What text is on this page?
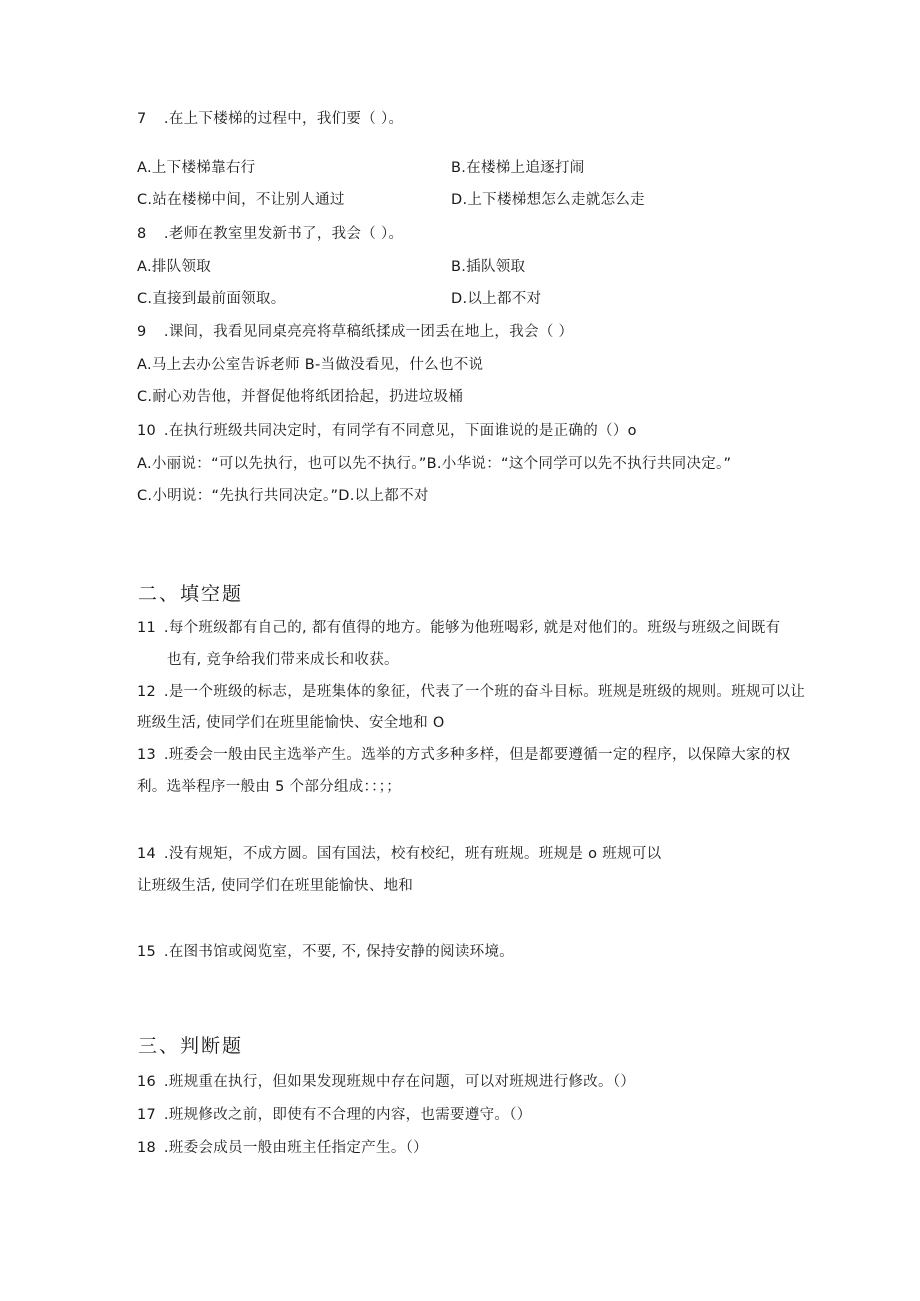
7 .在上下楼梯的过程中，我们要（ ）。
A.上下楼梯靠右行	B.在楼梯上追逐打闹
C.站在楼梯中间，不让别人通过	D.上下楼梯想怎么走就怎么走
8 .老师在教室里发新书了，我会（ ）。
A.排队领取	B.插队领取
C.直接到最前面领取。	D.以上都不对
9 .课间，我看见同桌亮亮将草稿纸揉成一团丢在地上，我会（ ）
A.马上去办公室告诉老师 B-当做没看见，什么也不说
C.耐心劝告他，并督促他将纸团拾起，扔进垃圾桶
10 .在执行班级共同决定时，有同学有不同意见，下面谁说的是正确的（）o
A.小丽说：“可以先执行，也可以先不执行。”B.小华说：“这个同学可以先不执行共同决定。”
C.小明说：“先执行共同决定。”D.以上都不对
二、填空题
11 .每个班级都有自己的, 都有值得的地方。能够为他班喝彩, 就是对他们的。班级与班级之间既有
也有, 竞争给我们带来成长和收获。
12 .是一个班级的标志，是班集体的象征，代表了一个班的奋斗目标。班规是班级的规则。班规可以让
班级生活, 使同学们在班里能愉快、安全地和 O
13 .班委会一般由民主选举产生。选举的方式多种多样，但是都要遵循一定的程序，以保障大家的权
利。选举程序一般由 5 个部分组成：：；；
14 .没有规矩，不成方圆。国有国法，校有校纪，班有班规。班规是 o 班规可以
让班级生活, 使同学们在班里能愉快、地和
15 .在图书馆或阅览室，不要, 不, 保持安静的阅读环境。
三、判断题
16 .班规重在执行，但如果发现班规中存在问题，可以对班规进行修改。（）
17 .班规修改之前，即使有不合理的内容，也需要遵守。（）
18 .班委会成员一般由班主任指定产生。（）
